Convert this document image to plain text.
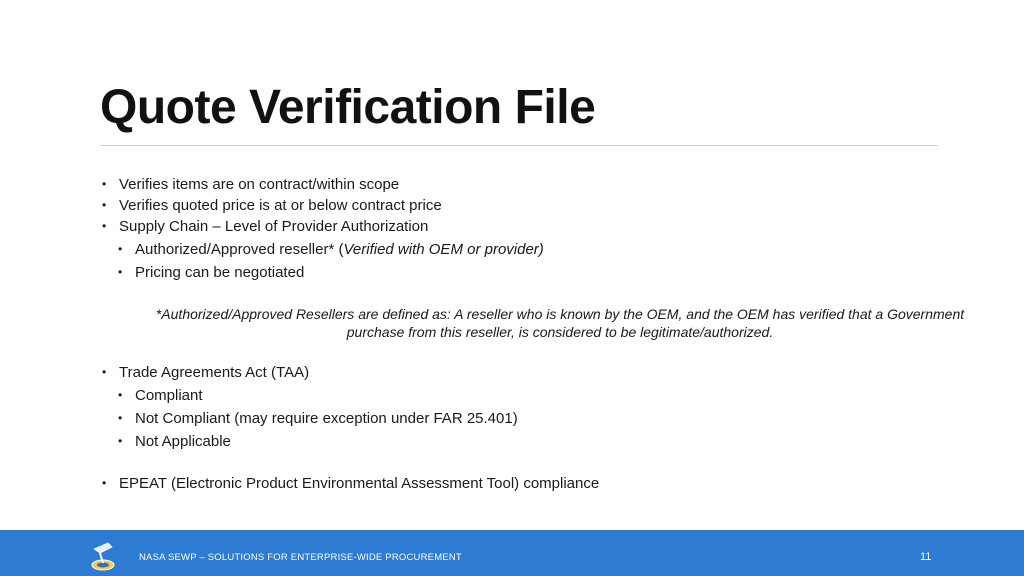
Quote Verification File
• Verifies items are on contract/within scope
• Verifies quoted price is at or below contract price
• Supply Chain – Level of Provider Authorization
• Authorized/Approved reseller* (Verified with OEM or provider)
• Pricing can be negotiated
*Authorized/Approved Resellers are defined as: A reseller who is known by the OEM, and the OEM has verified that a Government purchase from this reseller, is considered to be legitimate/authorized.
• Trade Agreements Act (TAA)
• Compliant
• Not Compliant (may require exception under FAR 25.401)
• Not Applicable
• EPEAT (Electronic Product Environmental Assessment Tool) compliance
NASA SEWP – SOLUTIONS FOR ENTERPRISE-WIDE PROCUREMENT	11
